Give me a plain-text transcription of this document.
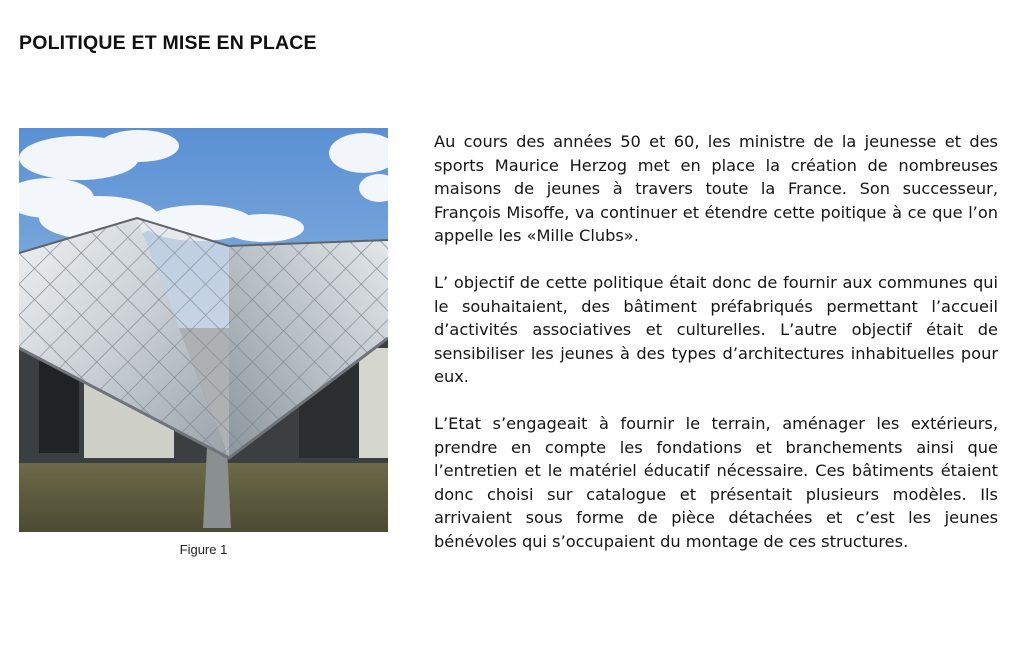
POLITIQUE ET MISE EN PLACE
Figure 1

Au cours des années 50 et 60, les ministre de la jeunesse et des sports Maurice Herzog met en place la création de nombreuses maisons de jeunes à travers toute la France. Son successeur, François Misoffe, va continuer et étendre cette poitique à ce que l’on appelle les «Mille Clubs».

L’ objectif de cette politique était donc de fournir aux communes qui le souhaitaient, des bâtiment préfabriqués permettant l’accueil d’activités associatives et culturelles. L’autre objectif était de sensibiliser les jeunes à des types d’architectures inhabituelles pour eux.

L’Etat s’engageait à fournir le terrain, aménager les extérieurs, prendre en compte les fondations et branchements ainsi que l’entretien et le matériel éducatif nécessaire. Ces bâtiments étaient donc choisi sur catalogue et présentait plusieurs modèles. Ils arrivaient sous forme de pièce détachées et c’est les jeunes bénévoles qui s’occupaient du montage de ces structures.
